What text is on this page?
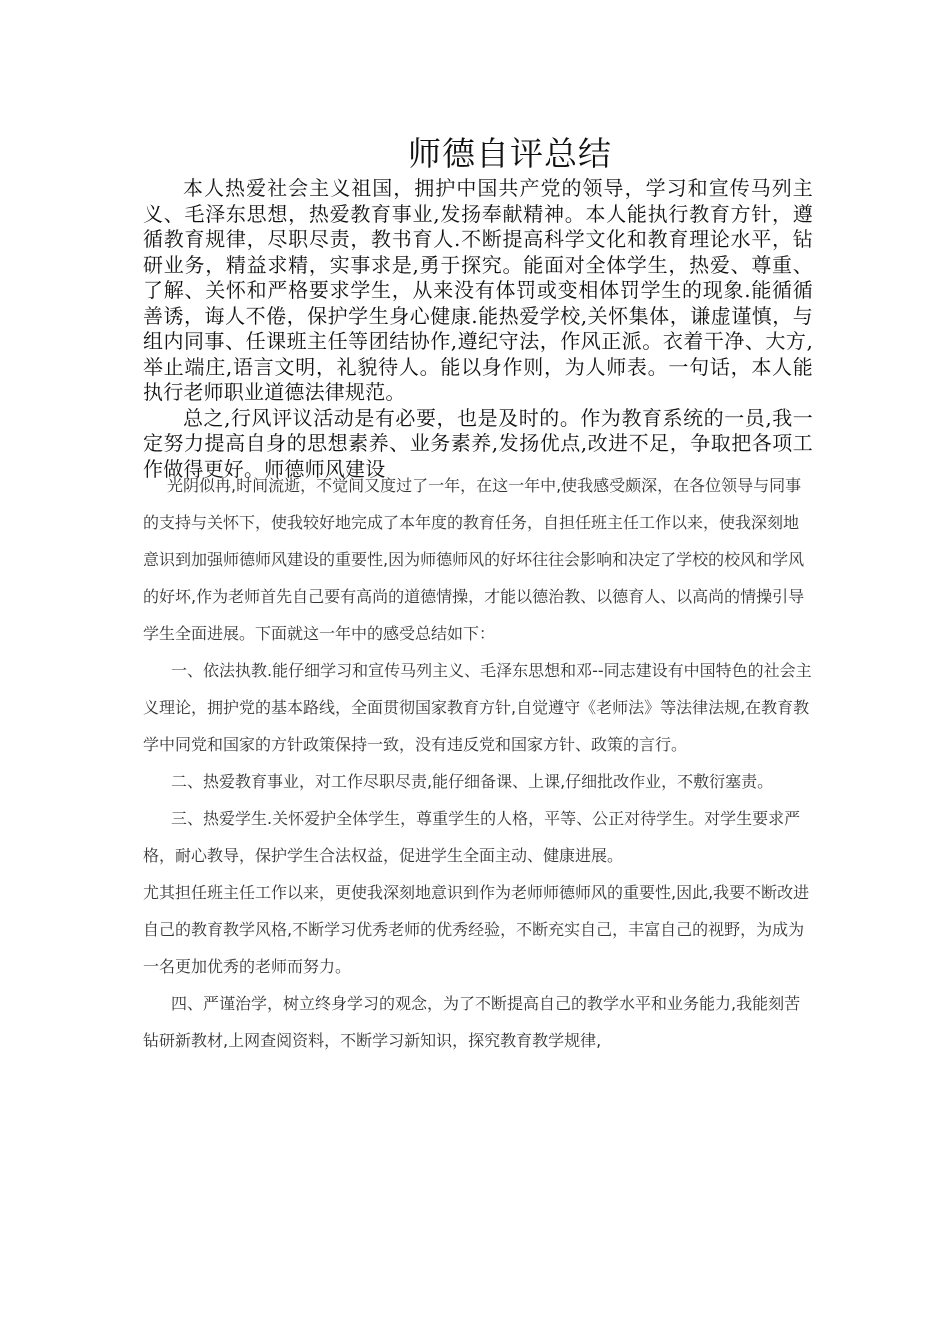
师德自评总结

本人热爱社会主义祖国，拥护中国共产党的领导，学习和宣传马列主义、毛泽东思想，热爱教育事业,发扬奉献精神。本人能执行教育方针，遵循教育规律，尽职尽责，教书育人.不断提高科学文化和教育理论水平，钻研业务，精益求精，实事求是,勇于探究。能面对全体学生，热爱、尊重、了解、关怀和严格要求学生，从来没有体罚或变相体罚学生的现象.能循循善诱，诲人不倦，保护学生身心健康.能热爱学校,关怀集体，谦虚谨慎，与组内同事、任课班主任等团结协作,遵纪守法，作风正派。衣着干净、大方,举止端庄,语言文明，礼貌待人。能以身作则，为人师表。一句话，本人能执行老师职业道德法律规范。

总之,行风评议活动是有必要，也是及时的。作为教育系统的一员,我一定努力提高自身的思想素养、业务素养,发扬优点,改进不足，争取把各项工作做得更好。师德师风建设

光阴似冉,时间流逝，不觉间又度过了一年，在这一年中,使我感受颇深，在各位领导与同事的支持与关怀下，使我较好地完成了本年度的教育任务，自担任班主任工作以来，使我深刻地意识到加强师德师风建设的重要性,因为师德师风的好坏往往会影响和决定了学校的校风和学风的好坏,作为老师首先自己要有高尚的道德情操，才能以德治教、以德育人、以高尚的情操引导学生全面进展。下面就这一年中的感受总结如下：

一、依法执教.能仔细学习和宣传马列主义、毛泽东思想和邓--同志建设有中国特色的社会主义理论，拥护党的基本路线，全面贯彻国家教育方针,自觉遵守《老师法》等法律法规,在教育教学中同党和国家的方针政策保持一致，没有违反党和国家方针、政策的言行。

二、热爱教育事业，对工作尽职尽责,能仔细备课、上课,仔细批改作业，不敷衍塞责。

三、热爱学生.关怀爱护全体学生，尊重学生的人格，平等、公正对待学生。对学生要求严格，耐心教导，保护学生合法权益，促进学生全面主动、健康进展。

尤其担任班主任工作以来，更使我深刻地意识到作为老师师德师风的重要性,因此,我要不断改进自己的教育教学风格,不断学习优秀老师的优秀经验，不断充实自己，丰富自己的视野，为成为一名更加优秀的老师而努力。

四、严谨治学，树立终身学习的观念，为了不断提高自己的教学水平和业务能力,我能刻苦钻研新教材,上网查阅资料，不断学习新知识，探究教育教学规律,
